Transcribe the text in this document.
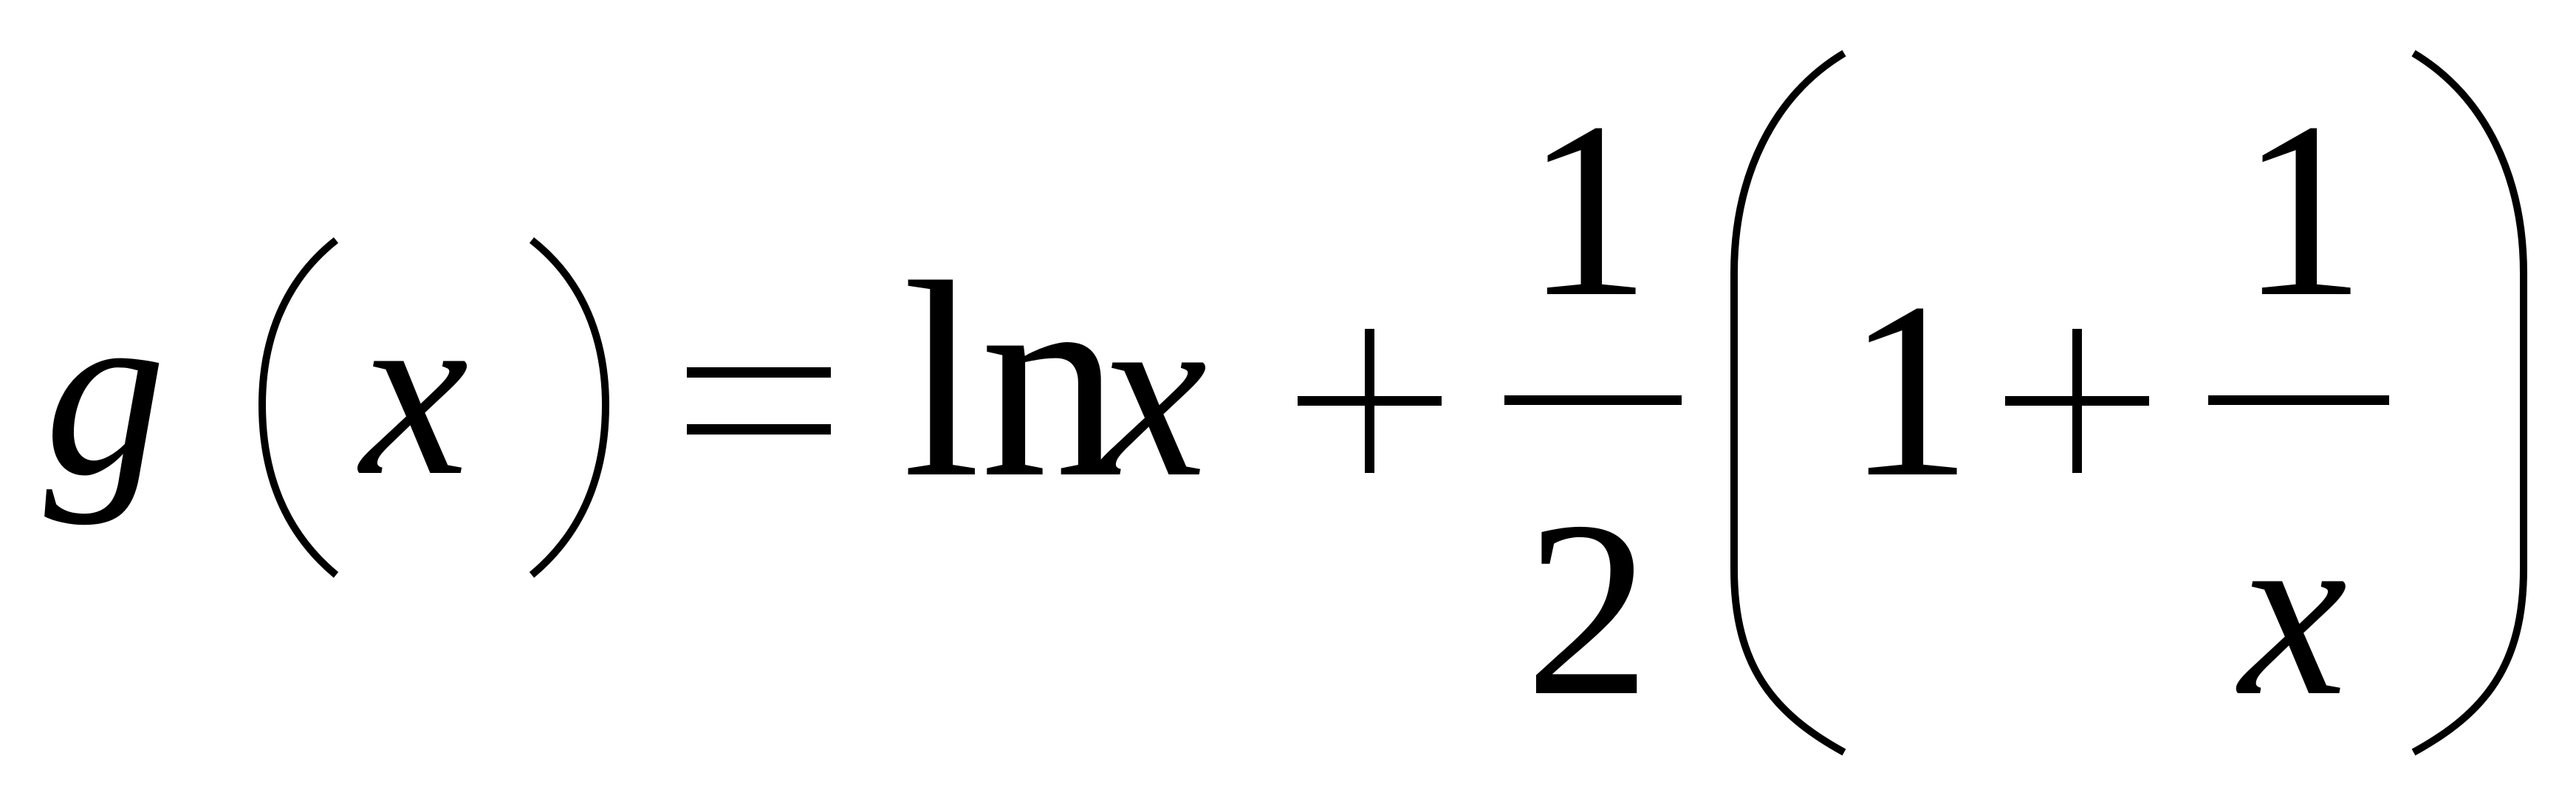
g x ln
x
1
2
1
1
x
